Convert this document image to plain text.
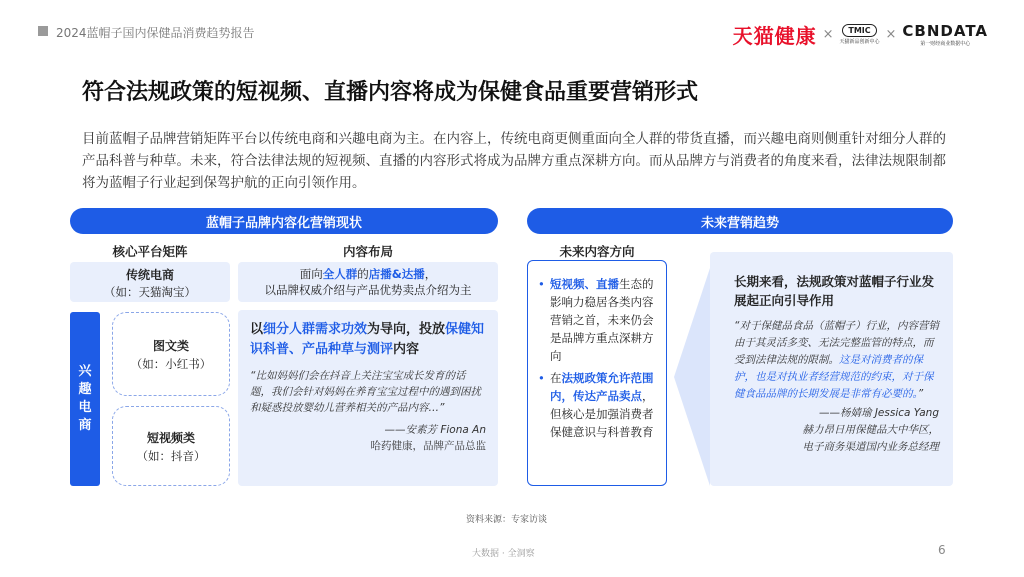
2024蓝帽子国内保健品消费趋势报告	天猫健康 ×	TMIC
天猫新品创新中心 × CBNDATA
第一财经商业数据中心
符合法规政策的短视频、直播内容将成为保健食品重要营销形式

目前蓝帽子品牌营销矩阵平台以传统电商和兴趣电商为主。在内容上，传统电商更侧重面向全人群的带货直播，而兴趣电商则侧重针对细分人群的产品科普与种草。未来，符合法律法规的短视频、直播的内容形式将成为品牌方重点深耕方向。而从品牌方与消费者的角度来看，法律法规限制都将为蓝帽子行业起到保驾护航的正向引领作用。

蓝帽子品牌内容化营销现状	未来营销趋势
核心平台矩阵	内容布局	未来内容方向
传统电商
（如：天猫淘宝）
面向全人群的店播&达播，
以品牌权威介绍与产品优势卖点介绍为主
兴趣电商
图文类
（如：小红书）
短视频类
（如：抖音）
以细分人群需求功效为导向，投放保健知识科普、产品种草与测评内容
“比如妈妈们会在抖音上关注宝宝成长发育的话题，我们会针对妈妈在养育宝宝过程中的遇到困扰和疑惑投放婴幼儿营养相关的产品内容…”
——安素芳 Fiona An
哈药健康，品牌产品总监
• 短视频、直播生态的影响力稳居各类内容营销之首，未来仍会是品牌方重点深耕方向
• 在法规政策允许范围内，传达产品卖点，但核心是加强消费者保健意识与科普教育
长期来看，法规政策对蓝帽子行业发展起正向引导作用
“对于保健品食品（蓝帽子）行业，内容营销由于其灵活多变、无法完整监管的特点，而受到法律法规的限制。这是对消费者的保护，也是对执业者经营规范的约束，对于保健食品品牌的长期发展是非常有必要的。”
——杨婧瑜 Jessica Yang
赫力昂日用保健品大中华区，
电子商务渠道国内业务总经理
资料来源：专家访谈
大数据 · 全洞察	6
